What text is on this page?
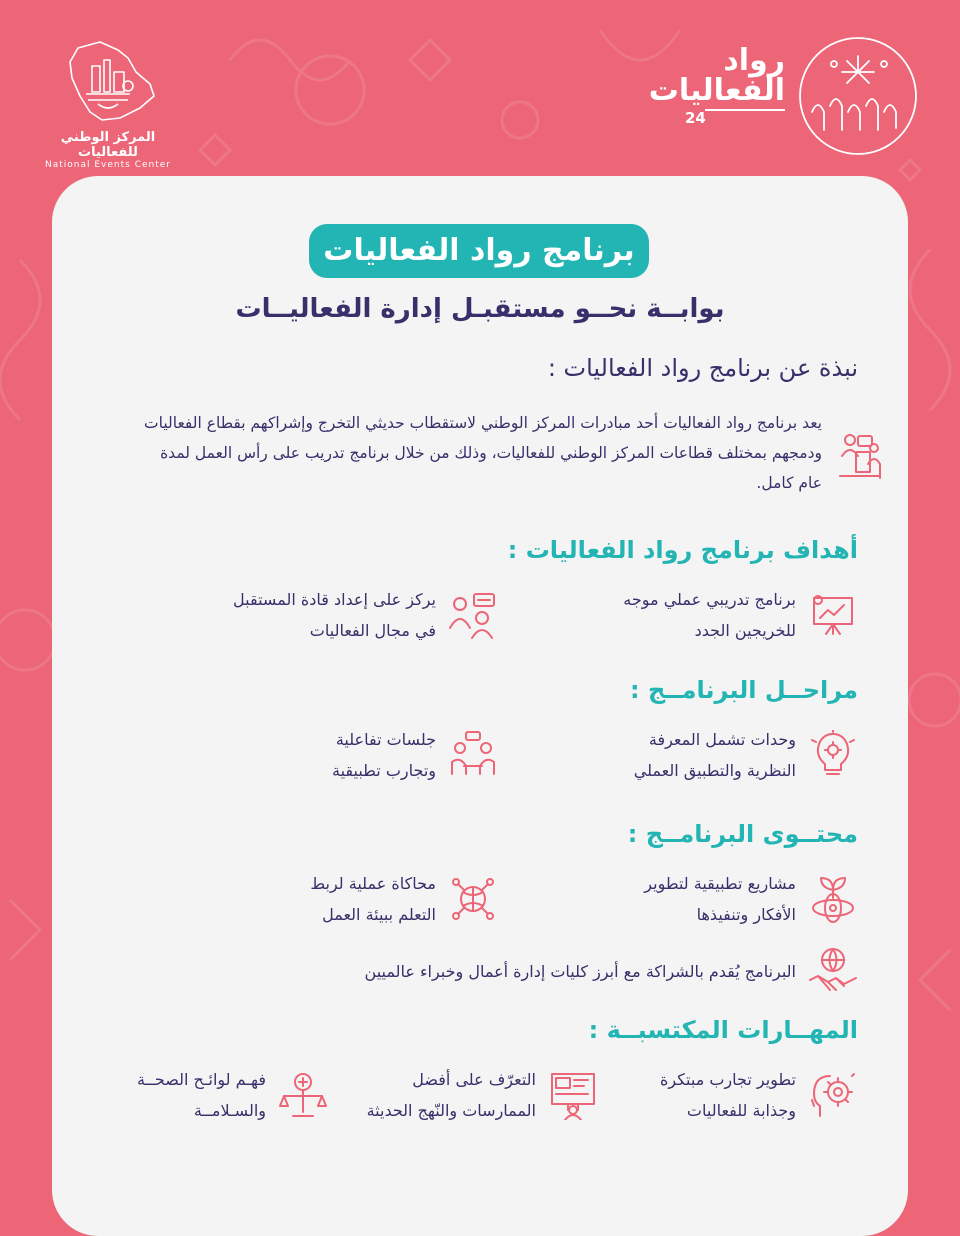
المركز الوطني للفعاليات
National Events Center
رواد
الفعاليات
24
برنامج رواد الفعاليات
بوابــة نحــو مستقبـل إدارة الفعاليــات
نبذة عن برنامج رواد الفعاليات :
يعد برنامج رواد الفعاليات أحد مبادرات المركز الوطني لاستقطاب حديثي التخرج وإشراكهم بقطاع الفعاليات ودمجهم بمختلف قطاعات المركز الوطني للفعاليات، وذلك من خلال برنامج تدريب على رأس العمل لمدة عام كامل.
أهداف برنامج رواد الفعاليات :
برنامج تدريبي عملي موجه
للخريجين الجدد
يركز على إعداد قادة المستقبل
في مجال الفعاليات
مراحــل البرنامــج :
وحدات تشمل المعرفة
النظرية والتطبيق العملي
جلسات تفاعلية
وتجارب تطبيقية
محتــوى البرنامــج :
مشاريع تطبيقية لتطوير
الأفكار وتنفيذها
محاكاة عملية لربط
التعلم ببيئة العمل
البرنامج يُقدم بالشراكة مع أبرز كليات إدارة أعمال وخبراء عالميين
المهــارات المكتسبــة :
تطوير تجارب مبتكرة
وجذابة للفعاليات
التعرّف على أفضل
الممارسات والنّهج الحديثة
فهـم لوائـح الصحــة
والسـلامــة
